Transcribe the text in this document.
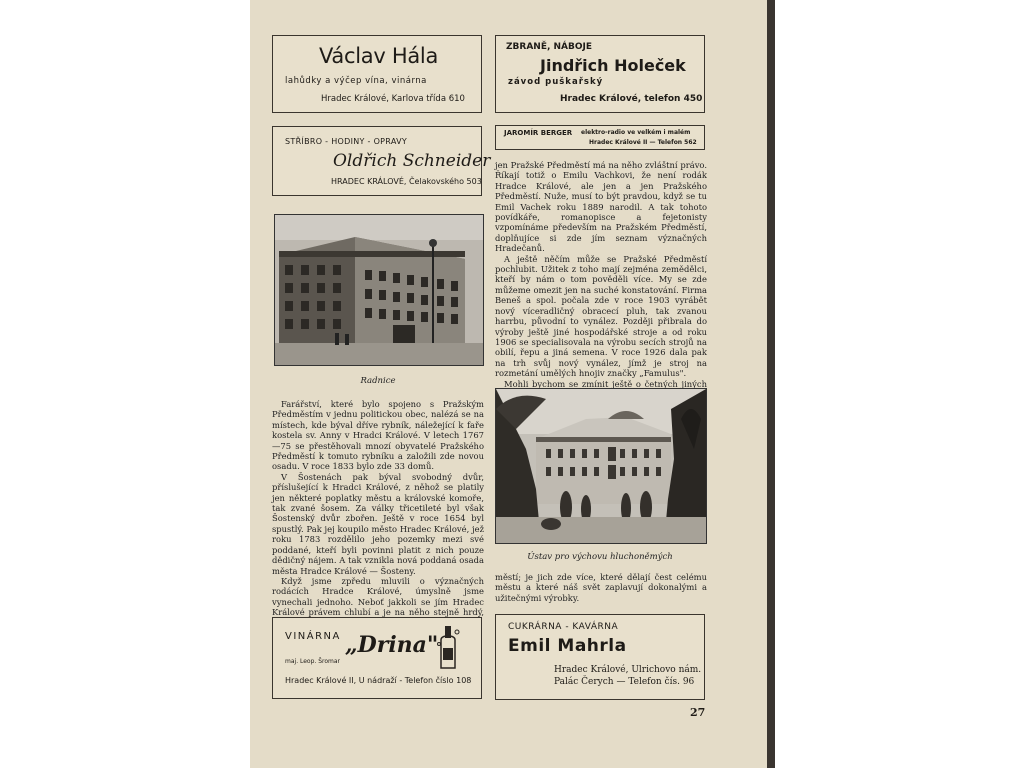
Václav Hála
lahůdky a výčep vína, vinárna
Hradec Králové, Karlova třída 610
ZBRANĚ, NÁBOJE
Jindřich Holeček
závod puškařský
Hradec Králové, telefon 450
STŘÍBRO - HODINY - OPRAVY
Oldřich Schneider
HRADEC KRÁLOVÉ, Čelakovského 503
JAROMÍR BERGER elektro-radio ve velkém i malém
Hradec Králové II — Telefon 562
Radnice

Farářství, které bylo spojeno s Pražským Předměstím v jednu politickou obec, nalézá se na místech, kde býval dříve rybník, náležející k faře kostela sv. Anny v Hradci Králové. V letech 1767—75 se přestěhovali mnozí obyvatelé Pražského Předměstí k tomuto rybníku a založili zde novou osadu. V roce 1833 bylo zde 33 domů.

V Šostenách pak býval svobodný dvůr, příslušející k Hradci Králové, z něhož se platily jen některé poplatky městu a královské komoře, tak zvané šosem. Za války třicetileté byl však Šostenský dvůr zbořen. Ještě v roce 1654 byl spustlý. Pak jej koupilo město Hradec Králové, jež roku 1783 rozdělilo jeho pozemky mezi své poddané, kteří byli povinni platit z nich pouze dědičný nájem. A tak vznikla nová poddaná osada města Hradce Králové — Šosteny.

Když jsme zpředu mluvili o význačných rodácích Hradce Králové, úmyslně jsme vynechali jednoho. Neboť jakkoli se jím Hradec Králové právem chlubí a je na něho stejně hrdý,

jen Pražské Předměstí má na něho zvláštní právo. Říkají totiž o Emilu Vachkovi, že není rodák Hradce Králové, ale jen a jen Pražského Předměstí. Nuže, musí to být pravdou, když se tu Emil Vachek roku 1889 narodil. A tak tohoto povídkáře, romanopisce a fejetonisty vzpomínáme především na Pražském Předměstí, doplňujíce si zde jím seznam význačných Hradečanů.

A ještě něčím může se Pražské Předměstí pochlubit. Užitek z toho mají zejména zemědělci, kteří by nám o tom pověděli více. My se zde můžeme omezit jen na suché konstatování. Firma Beneš a spol. počala zde v roce 1903 vyrábět nový víceradličný obracecí pluh, tak zvanou harrbu, původní to vynález. Později přibrala do výroby ještě jiné hospodářské stroje a od roku 1906 se specialisovala na výrobu secích strojů na obilí, řepu a jiná semena. V roce 1926 dala pak na trh svůj nový vynález, jímž je stroj na rozmetání umělých hnojiv značky „Famulus".

Mohli bychom se zmínit ještě o četných jiných

Ústav pro výchovu hluchoněmých

městí; je jich zde více, které dělají čest celému městu a které náš svět zaplavují dokonalými a užitečnými výrobky.

VINÁRNA „Drina"
maj. Leop. Šromar
Hradec Králové II, U nádraží - Telefon číslo 108
CUKRÁRNA - KAVÁRNA
Emil Mahrla
Hradec Králové, Ulrichovo nám.
Palác Čerych — Telefon čís. 96
27
